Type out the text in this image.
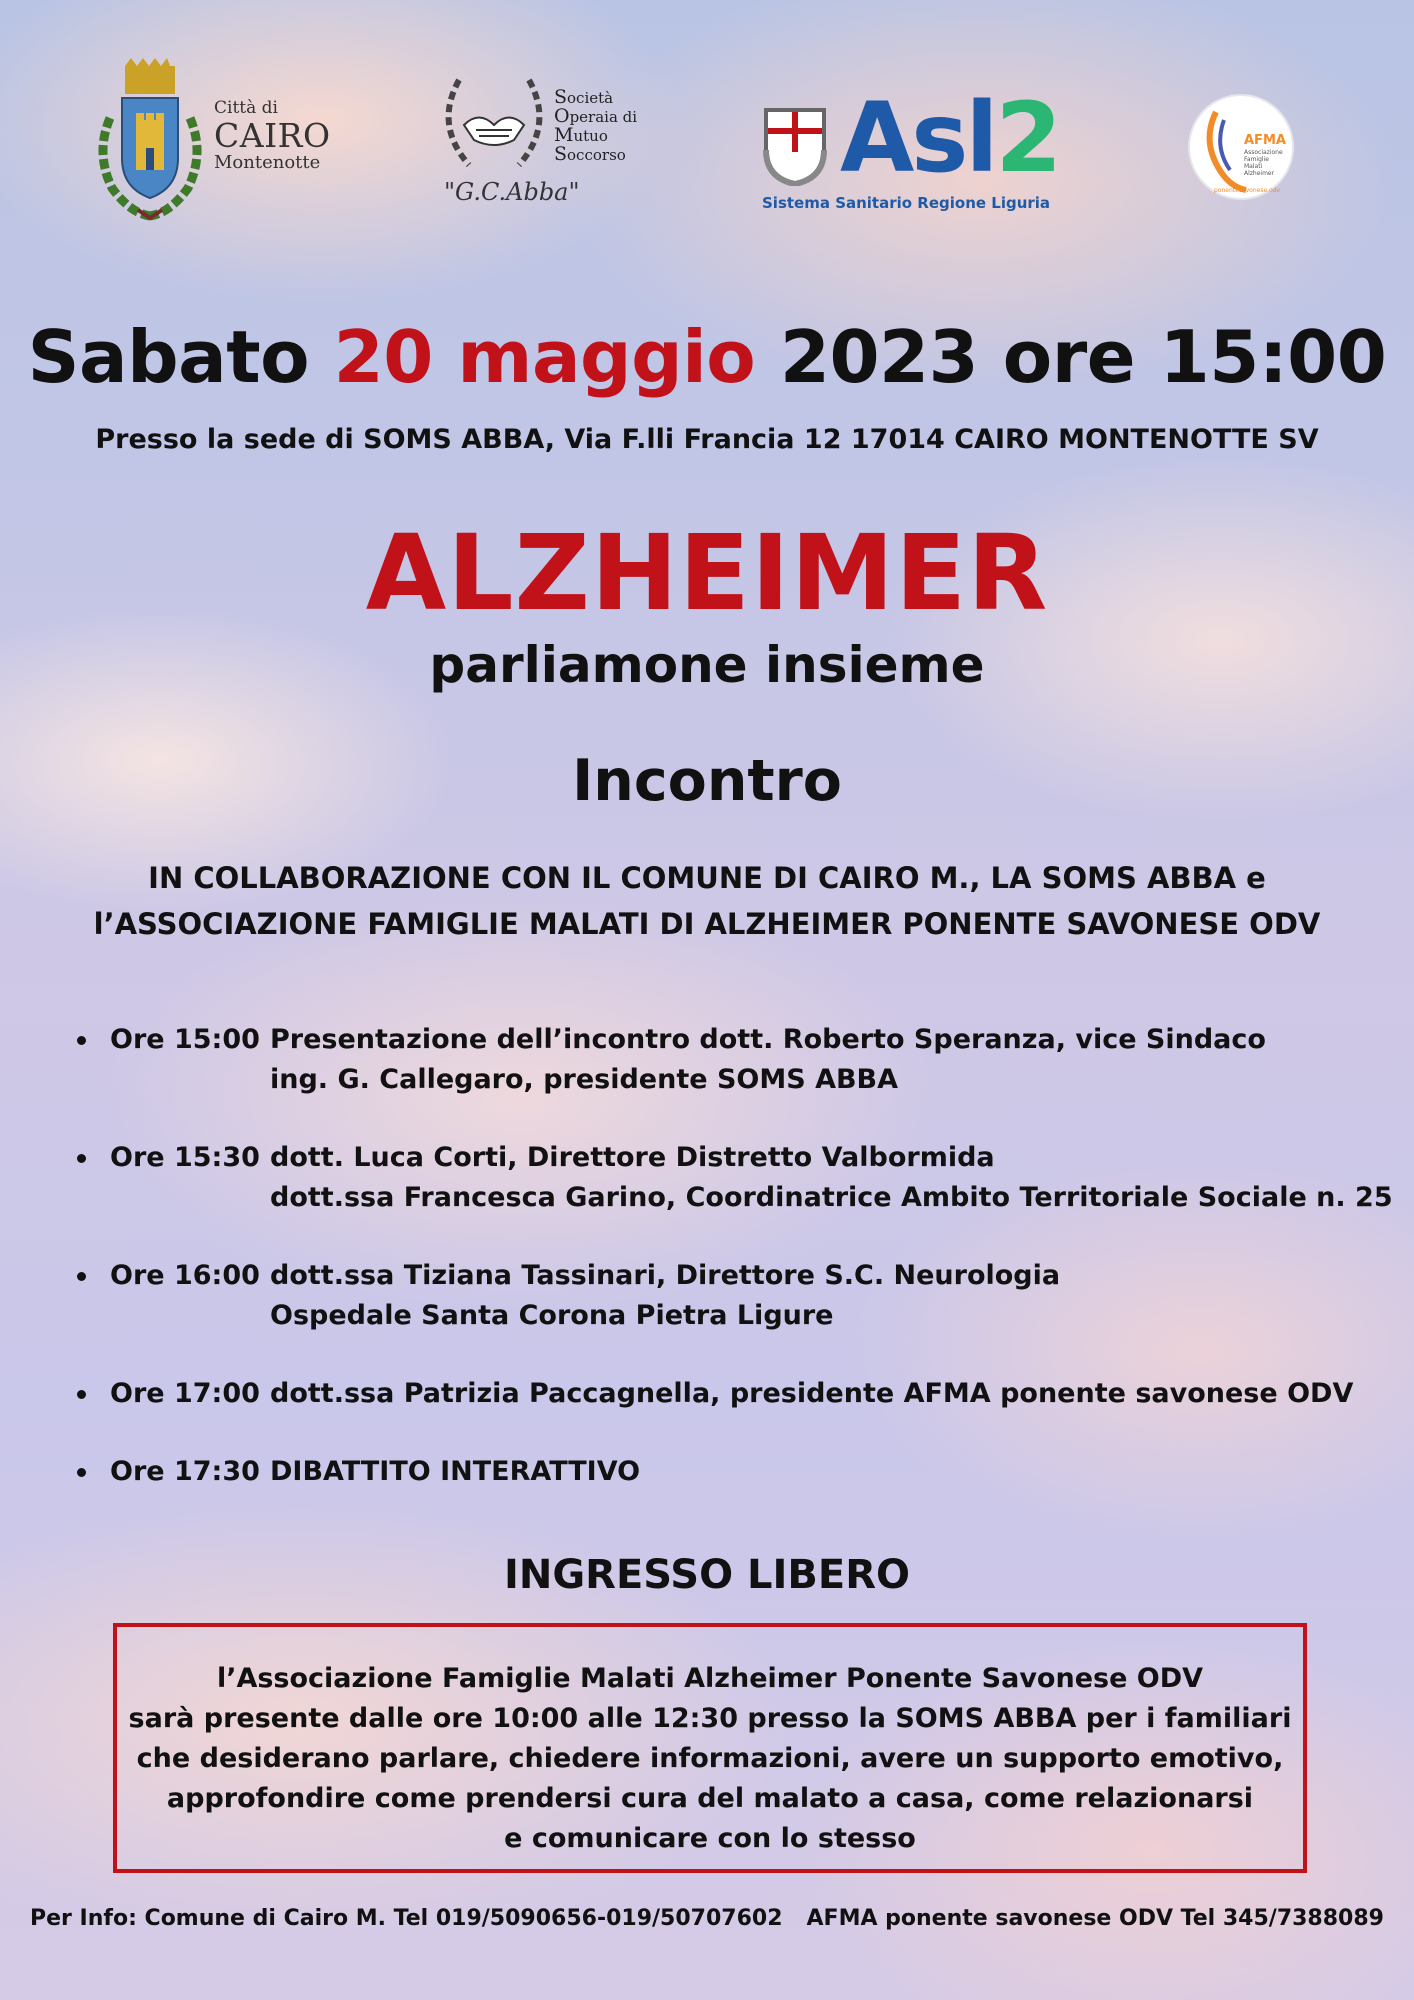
Città di
CAIRO
Montenotte
Società
Operaia di
Mutuo
Soccorso
"G.C.Abba"	Asl2
Sistema Sanitario Regione Liguria
AFMA
Associazione
Famiglie
Malati
Alzheimer
ponentesavonese.odv
Sabato 20 maggio 2023 ore 15:00
Presso la sede di SOMS ABBA, Via F.lli Francia 12 17014 CAIRO MONTENOTTE SV
ALZHEIMER
parliamone insieme
Incontro
IN COLLABORAZIONE CON IL COMUNE DI CAIRO M., LA SOMS ABBA e
l’ASSOCIAZIONE FAMIGLIE MALATI DI ALZHEIMER PONENTE SAVONESE ODV
Ore 15:00 Presentazione dell’incontro dott. Roberto Speranza, vice Sindaco
ing. G. Callegaro, presidente SOMS ABBA
Ore 15:30 dott. Luca Corti, Direttore Distretto Valbormida
dott.ssa Francesca Garino, Coordinatrice Ambito Territoriale Sociale n. 25
Ore 16:00 dott.ssa Tiziana Tassinari, Direttore S.C. Neurologia
Ospedale Santa Corona Pietra Ligure
Ore 17:00 dott.ssa Patrizia Paccagnella, presidente AFMA ponente savonese ODV
Ore 17:30 DIBATTITO INTERATTIVO
INGRESSO LIBERO
l’Associazione Famiglie Malati Alzheimer Ponente Savonese ODV
sarà presente dalle ore 10:00 alle 12:30 presso la SOMS ABBA per i familiari
che desiderano parlare, chiedere informazioni, avere un supporto emotivo,
approfondire come prendersi cura del malato a casa, come relazionarsi
e comunicare con lo stesso
Per Info: Comune di Cairo M. Tel 019/5090656-019/50707602 AFMA ponente savonese ODV Tel 345/7388089
